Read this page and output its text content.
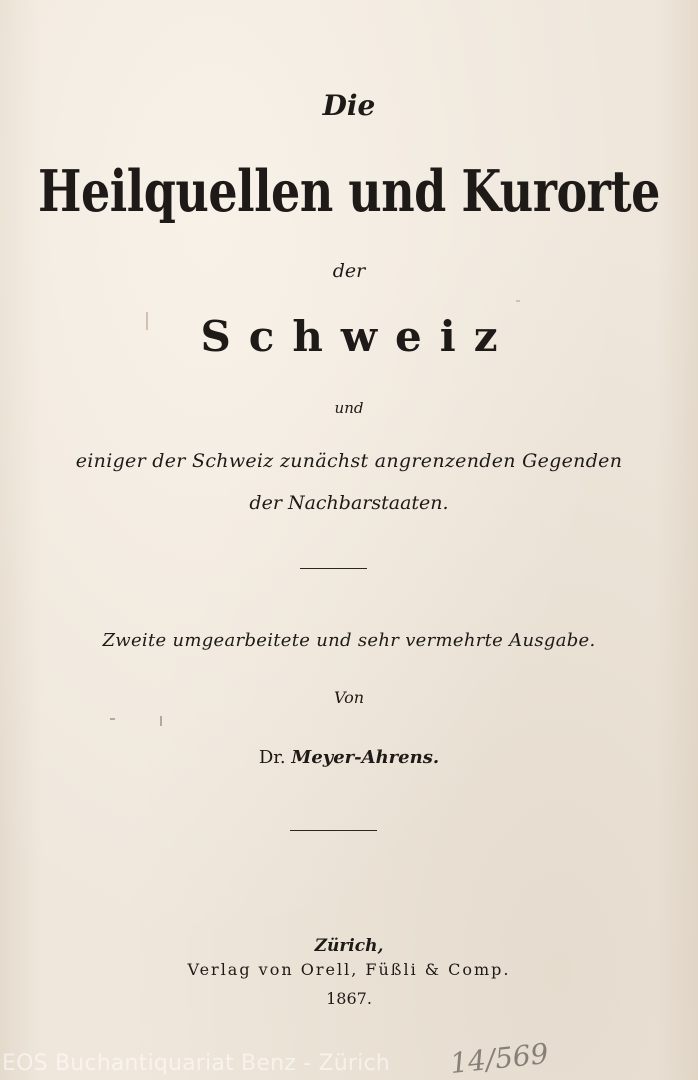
Die
Heilquellen und Kurorte
der
Schweiz
und
einiger der Schweiz zunächst angrenzenden Gegenden
der Nachbarstaaten.
Zweite umgearbeitete und sehr vermehrte Ausgabe.
Von
Dr. Meyer-Ahrens.
Zürich,
Verlag von Orell, Füßli & Comp.
1867.
EOS Buchantiquariat Benz - Zürich 14/569
